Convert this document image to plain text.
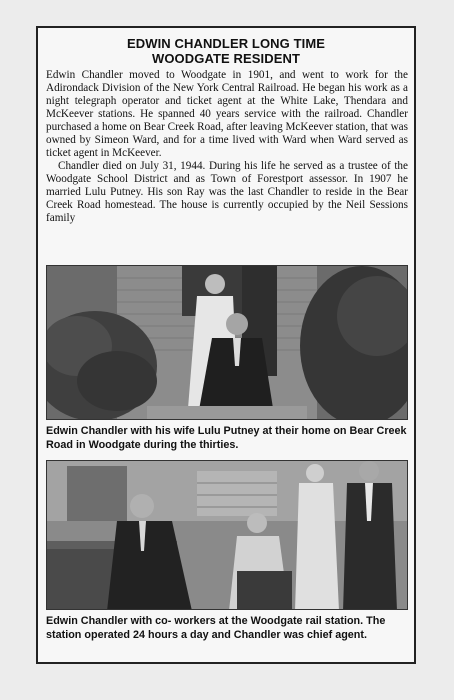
EDWIN CHANDLER LONG TIME
WOODGATE RESIDENT

Edwin Chandler moved to Woodgate in 1901, and went to work for the Adirondack Division of the New York Central Railroad. He began his work as a night telegraph operator and ticket agent at the White Lake, Thendara and McKeever stations. He spanned 40 years service with the railroad. Chandler purchased a home on Bear Creek Road, after leaving McKeever station, that was owned by Simeon Ward, and for a time lived with Ward when Ward served as ticket agent in McKeever.

Chandler died on July 31, 1944. During his life he served as a trustee of the Woodgate School District and as Town of Forestport assessor. In 1907 he married Lulu Putney. His son Ray was the last Chandler to reside in the Bear Creek Road homestead. The house is currently occupied by the Neil Sessions family

Edwin Chandler with his wife Lulu Putney at their home on Bear Creek Road in Woodgate during the thirties.
Edwin Chandler with co- workers at the Woodgate rail station. The station operated 24 hours a day and Chandler was chief agent.
